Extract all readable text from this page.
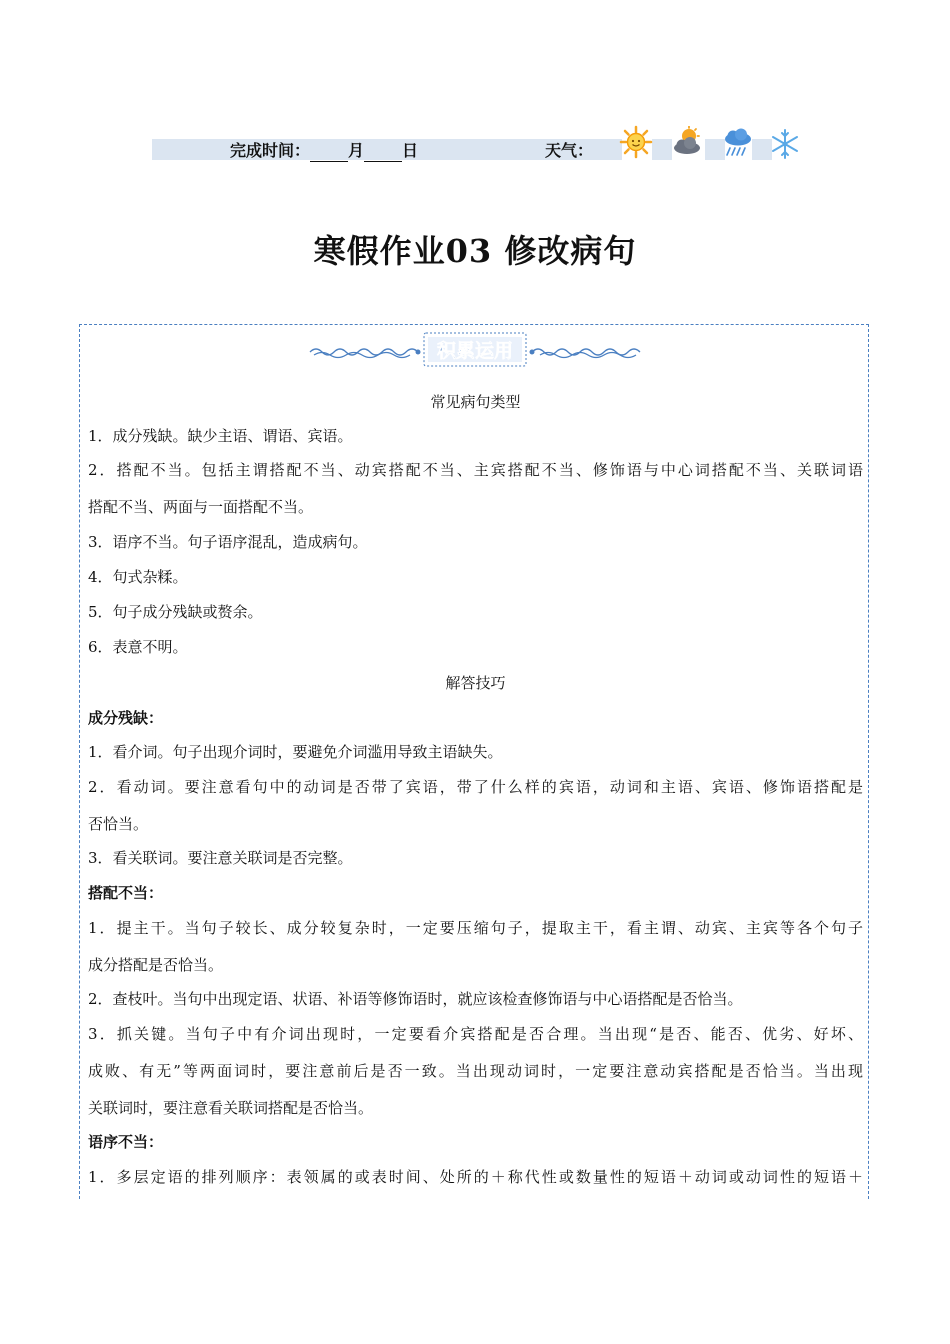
完成时间： 月 日	天气：
寒假作业03 修改病句
积累运用
常见病句类型
1．成分残缺。缺少主语、谓语、宾语。
2．搭配不当。包括主谓搭配不当、动宾搭配不当、主宾搭配不当、修饰语与中心词搭配不当、关联词语
搭配不当、两面与一面搭配不当。
3．语序不当。句子语序混乱，造成病句。
4．句式杂糅。
5．句子成分残缺或赘余。
6．表意不明。
解答技巧
成分残缺：
1．看介词。句子出现介词时，要避免介词滥用导致主语缺失。
2．看动词。要注意看句中的动词是否带了宾语，带了什么样的宾语，动词和主语、宾语、修饰语搭配是
否恰当。
3．看关联词。要注意关联词是否完整。
搭配不当：
1．提主干。当句子较长、成分较复杂时，一定要压缩句子，提取主干，看主谓、动宾、主宾等各个句子
成分搭配是否恰当。
2．查枝叶。当句中出现定语、状语、补语等修饰语时，就应该检查修饰语与中心语搭配是否恰当。
3．抓关键。当句子中有介词出现时，一定要看介宾搭配是否合理。当出现“是否、能否、优劣、好坏、
成败、有无”等两面词时，要注意前后是否一致。当出现动词时，一定要注意动宾搭配是否恰当。当出现
关联词时，要注意看关联词搭配是否恰当。
语序不当：
1．多层定语的排列顺序：表领属的或表时间、处所的＋称代性或数量性的短语＋动词或动词性的短语＋
